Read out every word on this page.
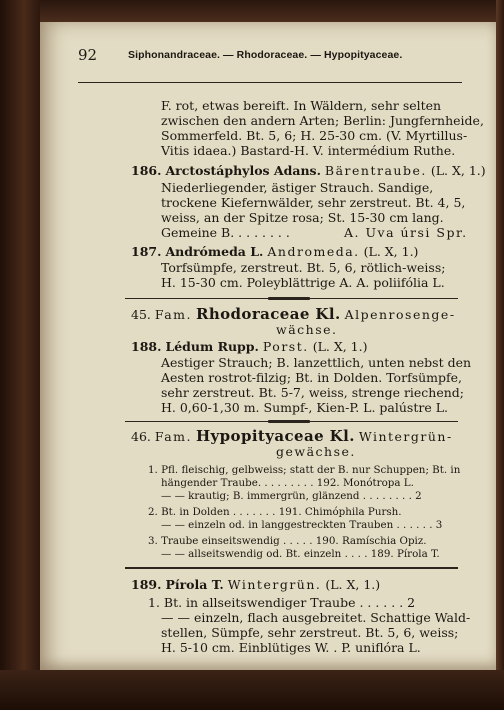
92	Siphonandraceae. — Rhodoraceae. — Hypopityaceae.
F. rot, etwas bereift. In Wäldern, sehr selten
zwischen den andern Arten; Berlin: Jungfernheide,
Sommerfeld. Bt. 5, 6; H. 25-30 cm. (V. Myrtillus-
Vitis idaea.) Bastard-H. V. intermédium Ruthe.
186. Arctostáphylos Adans. Bärentraube. (L. X, 1.)
Niederliegender, ästiger Strauch. Sandige,
trockene Kiefernwälder, sehr zerstreut. Bt. 4, 5,
weiss, an der Spitze rosa; St. 15-30 cm lang.
Gemeine B. . . . . . . .	A. Uva úrsi Spr.
187. Andrómeda L. Andromeda. (L. X, 1.)
Torfsümpfe, zerstreut. Bt. 5, 6, rötlich-weiss;
H. 15-30 cm. Poleyblättrige A. A. poliifólia L.
45. Fam. Rhodoraceae Kl. Alpenrosenge-
wächse.
188. Lédum Rupp. Porst. (L. X, 1.)
Aestiger Strauch; B. lanzettlich, unten nebst den
Aesten rostrot-filzig; Bt. in Dolden. Torfsümpfe,
sehr zerstreut. Bt. 5-7, weiss, strenge riechend;
H. 0,60-1,30 m. Sumpf-, Kien-P. L. palústre L.
46. Fam. Hypopityaceae Kl. Wintergrün-
gewächse.
1. Pfl. fleischig, gelbweiss; statt der B. nur Schuppen; Bt. in
hängender Traube. . . . . . . . . 192. Monótropa L.
— — krautig; B. immergrün, glänzend . . . . . . . . 2
2. Bt. in Dolden . . . . . . . 191. Chimóphila Pursh.
— — einzeln od. in langgestreckten Trauben . . . . . . 3
3. Traube einseitswendig . . . . . 190. Ramíschia Opiz.
— — allseitswendig od. Bt. einzeln . . . . 189. Pírola T.
189. Pírola T. Wintergrün. (L. X, 1.)
1. Bt. in allseitswendiger Traube . . . . . . 2
— — einzeln, flach ausgebreitet. Schattige Wald-
stellen, Sümpfe, sehr zerstreut. Bt. 5, 6, weiss;
H. 5-10 cm. Einblütiges W. . P. uniflóra L.
